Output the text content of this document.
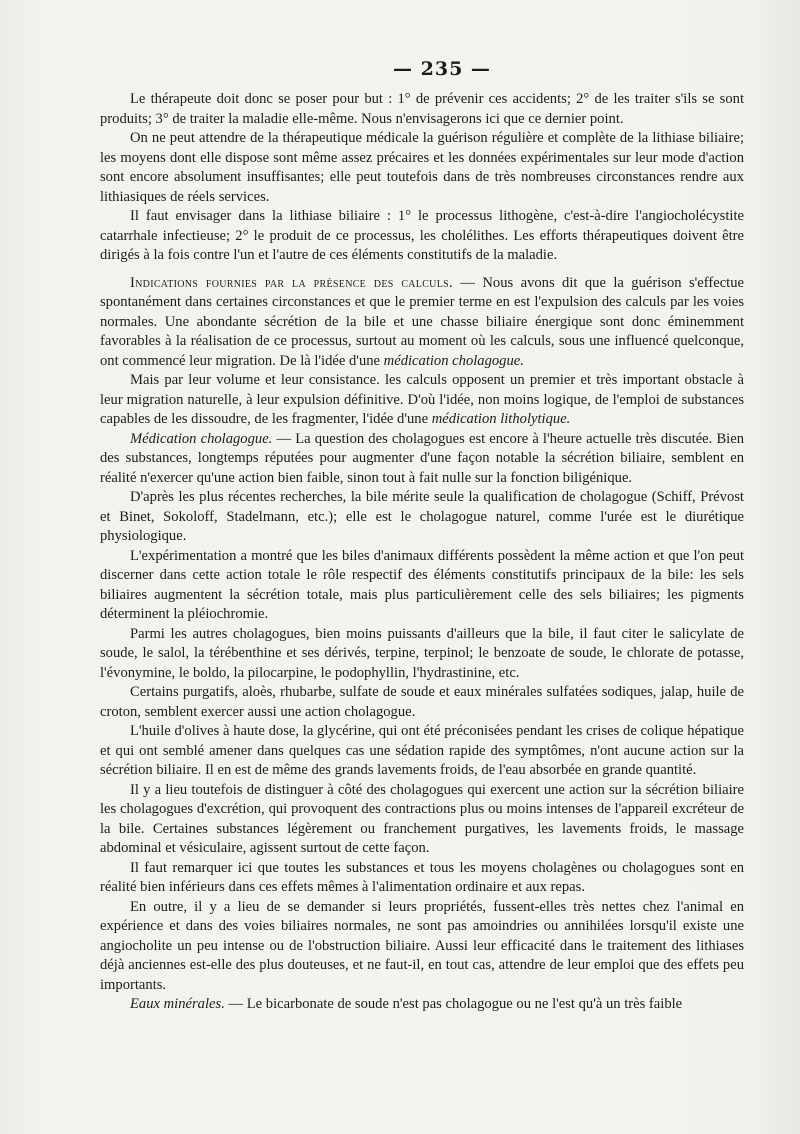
— 235 —

Le thérapeute doit donc se poser pour but : 1° de prévenir ces accidents; 2° de les traiter s'ils se sont produits; 3° de traiter la maladie elle-même. Nous n'envisagerons ici que ce dernier point.

On ne peut attendre de la thérapeutique médicale la guérison régulière et complète de la lithiase biliaire; les moyens dont elle dispose sont même assez précaires et les données expérimentales sur leur mode d'action sont encore absolument insuffisantes; elle peut toutefois dans de très nombreuses circonstances rendre aux lithiasiques de réels services.

Il faut envisager dans la lithiase biliaire : 1° le processus lithogène, c'est-à-dire l'angiocholécystite catarrhale infectieuse; 2° le produit de ce processus, les cholélithes. Les efforts thérapeutiques doivent être dirigés à la fois contre l'un et l'autre de ces éléments constitutifs de la maladie.

Indications fournies par la présence des calculs. — Nous avons dit que la guérison s'effectue spontanément dans certaines circonstances et que le premier terme en est l'expulsion des calculs par les voies normales. Une abondante sécrétion de la bile et une chasse biliaire énergique sont donc éminemment favorables à la réalisation de ce processus, surtout au moment où les calculs, sous une influencé quelconque, ont commencé leur migration. De là l'idée d'une médication cholagogue.

Mais par leur volume et leur consistance. les calculs opposent un premier et très important obstacle à leur migration naturelle, à leur expulsion définitive. D'où l'idée, non moins logique, de l'emploi de substances capables de les dissoudre, de les fragmenter, l'idée d'une médication litholytique.

Médication cholagogue. — La question des cholagogues est encore à l'heure actuelle très discutée. Bien des substances, longtemps réputées pour augmenter d'une façon notable la sécrétion biliaire, semblent en réalité n'exercer qu'une action bien faible, sinon tout à fait nulle sur la fonction biligénique.

D'après les plus récentes recherches, la bile mérite seule la qualification de cholagogue (Schiff, Prévost et Binet, Sokoloff, Stadelmann, etc.); elle est le cholagogue naturel, comme l'urée est le diurétique physiologique.

L'expérimentation a montré que les biles d'animaux différents possèdent la même action et que l'on peut discerner dans cette action totale le rôle respectif des éléments constitutifs principaux de la bile: les sels biliaires augmentent la sécrétion totale, mais plus particulièrement celle des sels biliaires; les pigments déterminent la pléiochromie.

Parmi les autres cholagogues, bien moins puissants d'ailleurs que la bile, il faut citer le salicylate de soude, le salol, la térébenthine et ses dérivés, terpine, terpinol; le benzoate de soude, le chlorate de potasse, l'évonymine, le boldo, la pilocarpine, le podophyllin, l'hydrastinine, etc.

Certains purgatifs, aloès, rhubarbe, sulfate de soude et eaux minérales sulfatées sodiques, jalap, huile de croton, semblent exercer aussi une action cholagogue.

L'huile d'olives à haute dose, la glycérine, qui ont été préconisées pendant les crises de colique hépatique et qui ont semblé amener dans quelques cas une sédation rapide des symptômes, n'ont aucune action sur la sécrétion biliaire. Il en est de même des grands lavements froids, de l'eau absorbée en grande quantité.

Il y a lieu toutefois de distinguer à côté des cholagogues qui exercent une action sur la sécrétion biliaire les cholagogues d'excrétion, qui provoquent des contractions plus ou moins intenses de l'appareil excréteur de la bile. Certaines substances légèrement ou franchement purgatives, les lavements froids, le massage abdominal et vésiculaire, agissent surtout de cette façon.

Il faut remarquer ici que toutes les substances et tous les moyens cholagènes ou cholagogues sont en réalité bien inférieurs dans ces effets mêmes à l'alimentation ordinaire et aux repas.

En outre, il y a lieu de se demander si leurs propriétés, fussent-elles très nettes chez l'animal en expérience et dans des voies biliaires normales, ne sont pas amoindries ou annihilées lorsqu'il existe une angiocholite un peu intense ou de l'obstruction biliaire. Aussi leur efficacité dans le traitement des lithiases déjà anciennes est-elle des plus douteuses, et ne faut-il, en tout cas, attendre de leur emploi que des effets peu importants.

Eaux minérales. — Le bicarbonate de soude n'est pas cholagogue ou ne l'est qu'à un très faible
